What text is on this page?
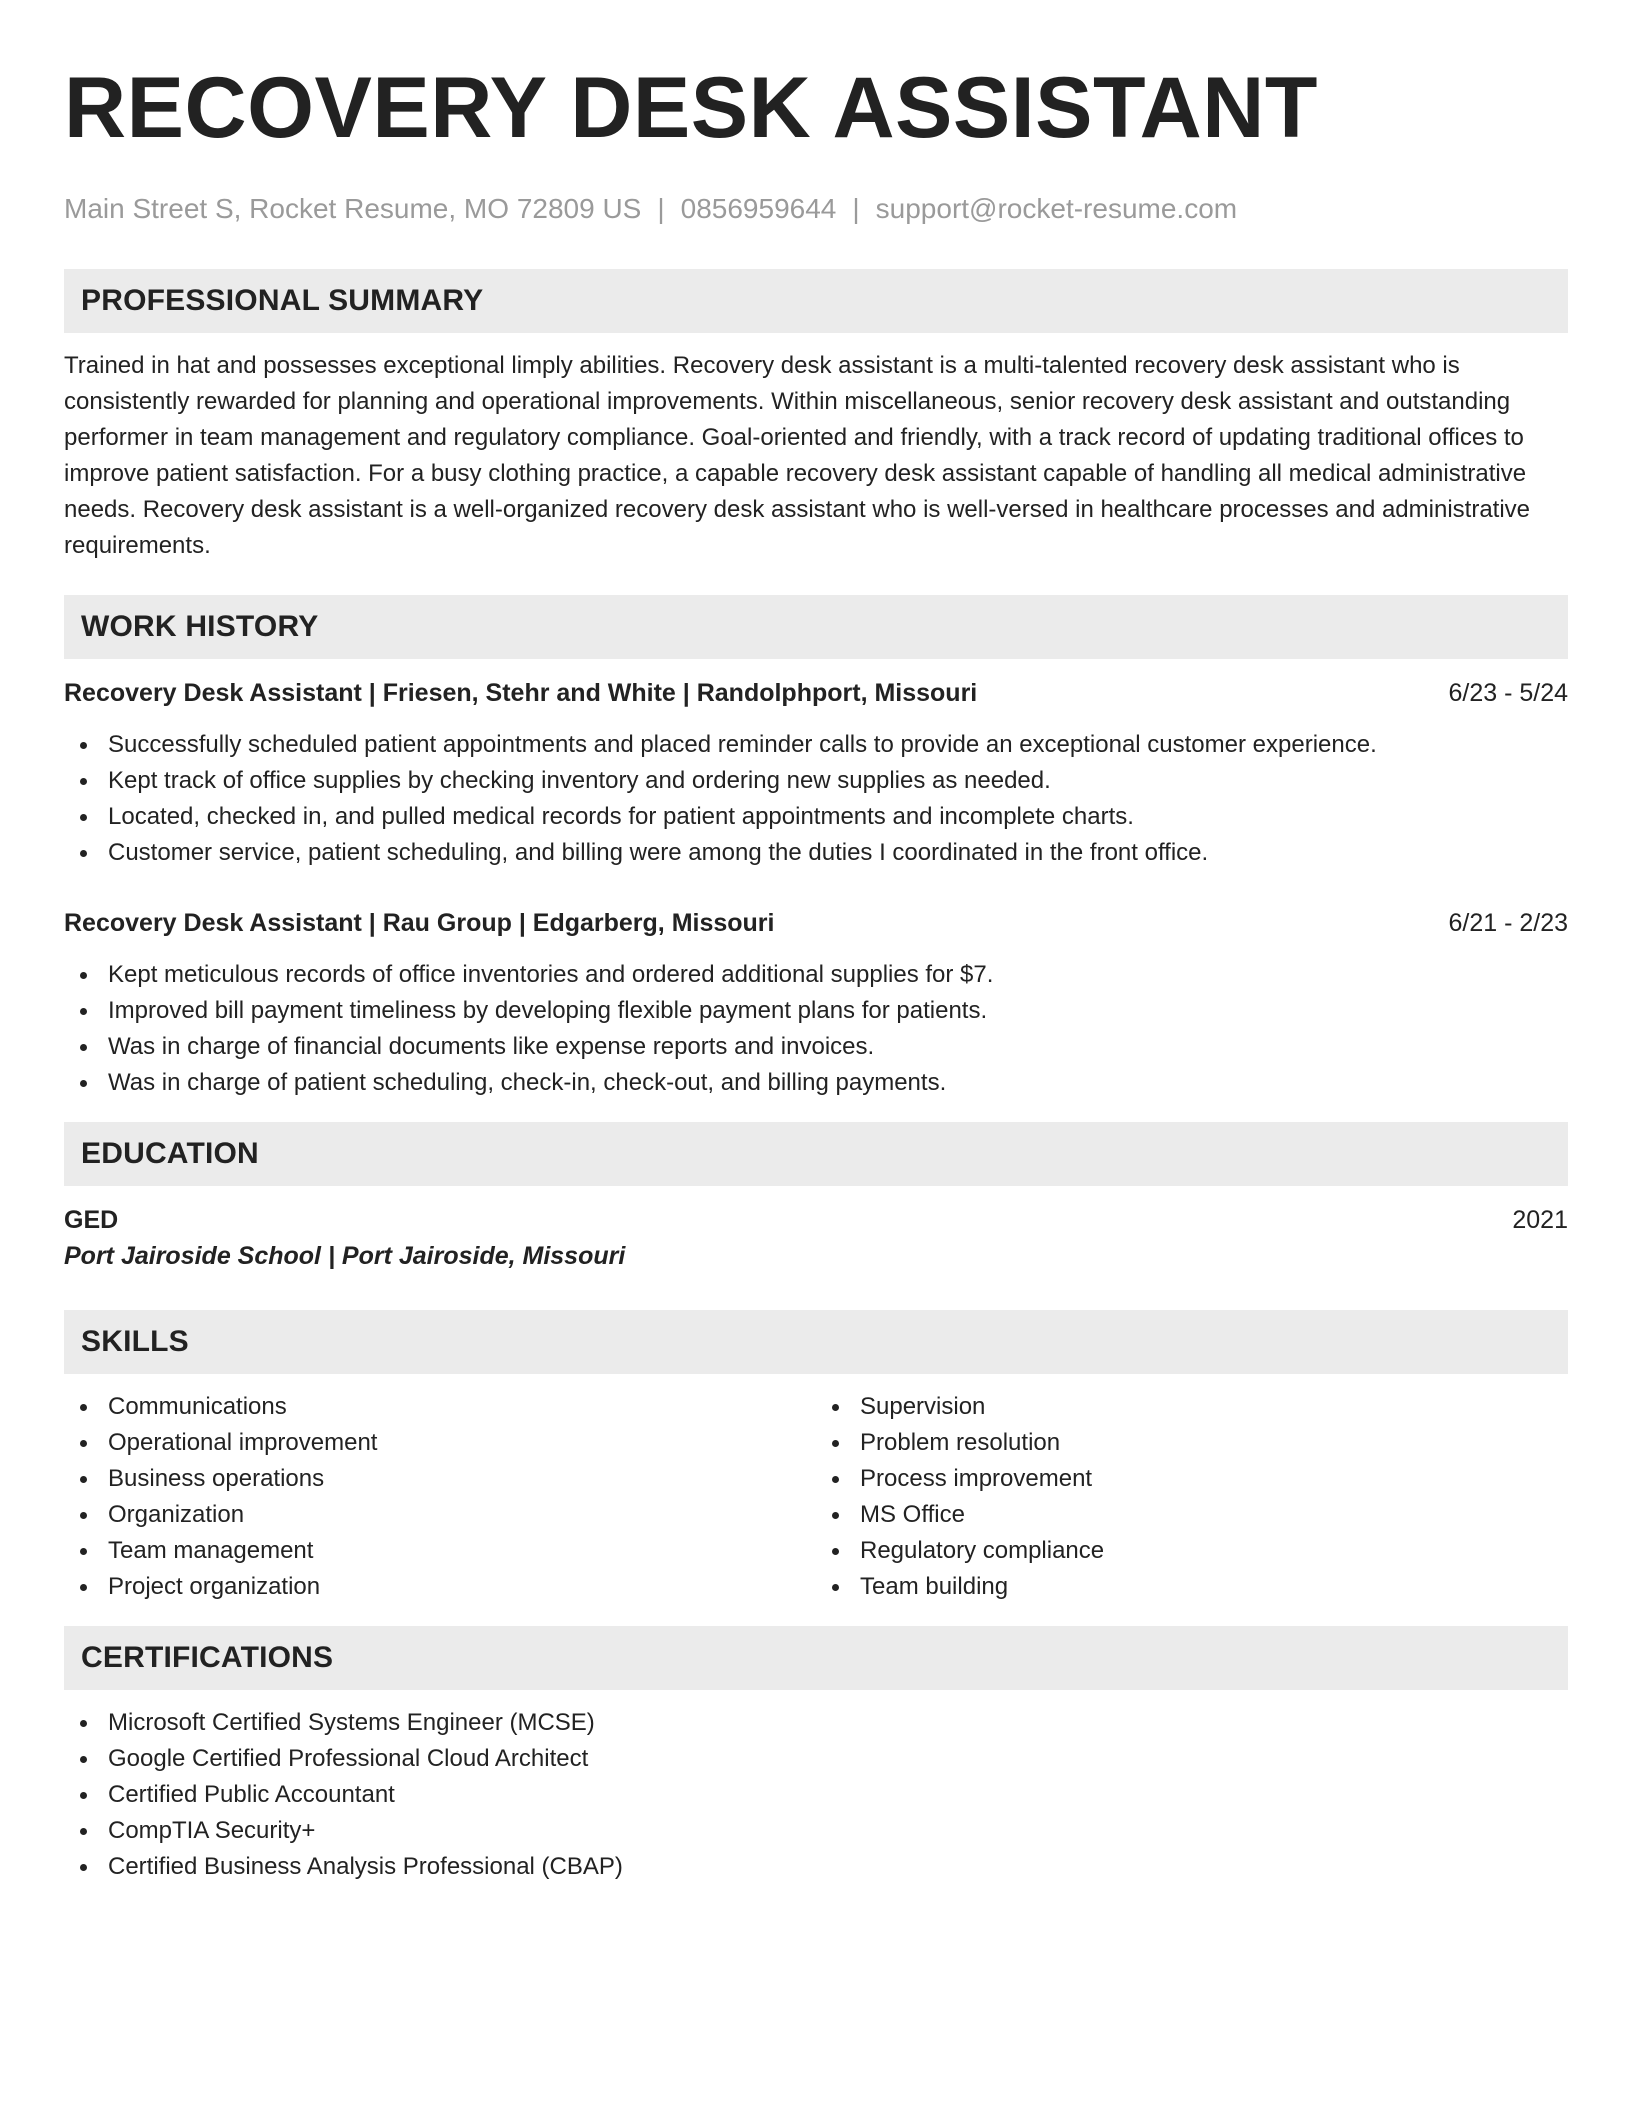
RECOVERY DESK ASSISTANT
Main Street S, Rocket Resume, MO 72809 US | 0856959644 | support@rocket-resume.com
PROFESSIONAL SUMMARY

Trained in hat and possesses exceptional limply abilities. Recovery desk assistant is a multi-talented recovery desk assistant who is consistently rewarded for planning and operational improvements. Within miscellaneous, senior recovery desk assistant and outstanding performer in team management and regulatory compliance. Goal-oriented and friendly, with a track record of updating traditional offices to improve patient satisfaction. For a busy clothing practice, a capable recovery desk assistant capable of handling all medical administrative needs. Recovery desk assistant is a well-organized recovery desk assistant who is well-versed in healthcare processes and administrative requirements.

WORK HISTORY
Recovery Desk Assistant | Friesen, Stehr and White | Randolphport, Missouri	6/23 - 5/24
Successfully scheduled patient appointments and placed reminder calls to provide an exceptional customer experience.
Kept track of office supplies by checking inventory and ordering new supplies as needed.
Located, checked in, and pulled medical records for patient appointments and incomplete charts.
Customer service, patient scheduling, and billing were among the duties I coordinated in the front office.
Recovery Desk Assistant | Rau Group | Edgarberg, Missouri	6/21 - 2/23
Kept meticulous records of office inventories and ordered additional supplies for $7.
Improved bill payment timeliness by developing flexible payment plans for patients.
Was in charge of financial documents like expense reports and invoices.
Was in charge of patient scheduling, check-in, check-out, and billing payments.
EDUCATION
GED	2021
Port Jairoside School | Port Jairoside, Missouri
SKILLS
Communications
Operational improvement
Business operations
Organization
Team management
Project organization
Supervision
Problem resolution
Process improvement
MS Office
Regulatory compliance
Team building
CERTIFICATIONS
Microsoft Certified Systems Engineer (MCSE)
Google Certified Professional Cloud Architect
Certified Public Accountant
CompTIA Security+
Certified Business Analysis Professional (CBAP)
